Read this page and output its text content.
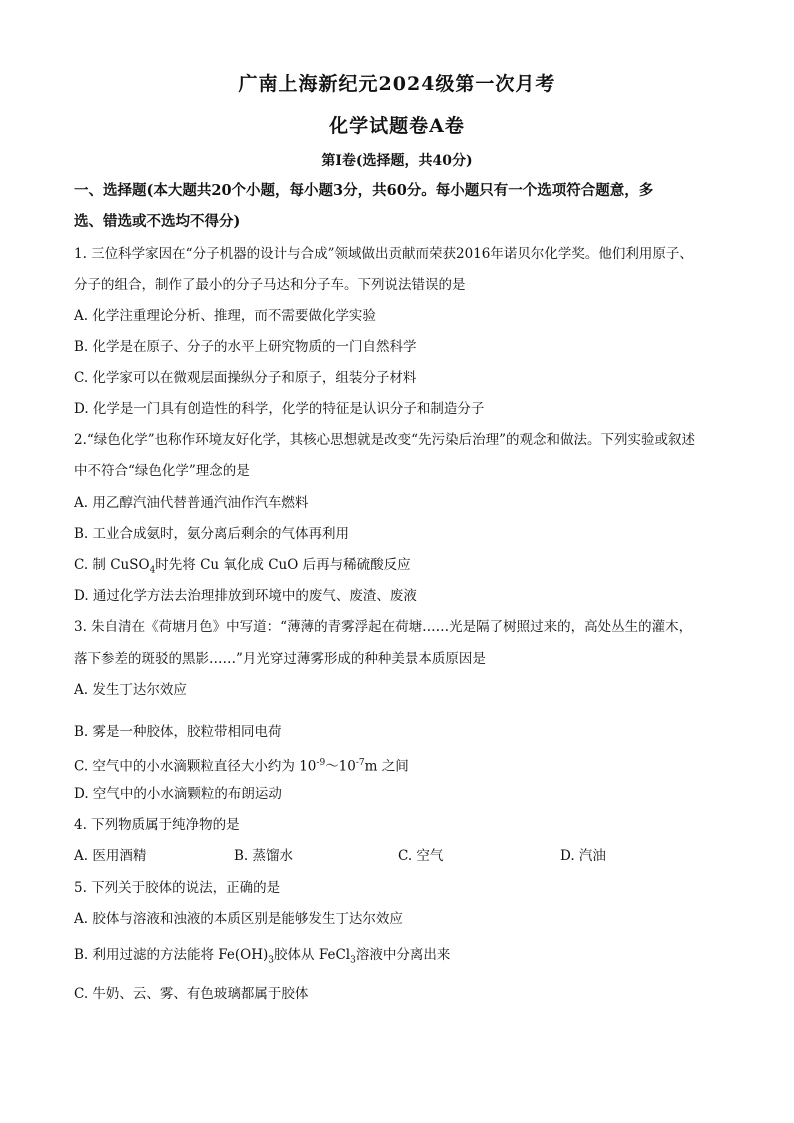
广南上海新纪元2024级第一次月考
化学试题卷A卷
第I卷(选择题，共40分)
一、选择题(本大题共20个小题，每小题3分，共60分。每小题只有一个选项符合题意，多
选、错选或不选均不得分)
1. 三位科学家因在“分子机器的设计与合成”领域做出贡献而荣获2016年诺贝尔化学奖。他们利用原子、
分子的组合，制作了最小的分子马达和分子车。下列说法错误的是
A. 化学注重理论分析、推理，而不需要做化学实验
B. 化学是在原子、分子的水平上研究物质的一门自然科学
C. 化学家可以在微观层面操纵分子和原子，组装分子材料
D. 化学是一门具有创造性的科学，化学的特征是认识分子和制造分子
2.“绿色化学”也称作环境友好化学，其核心思想就是改变“先污染后治理”的观念和做法。下列实验或叙述
中不符合“绿色化学”理念的是
A. 用乙醇汽油代替普通汽油作汽车燃料
B. 工业合成氨时，氨分离后剩余的气体再利用
C. 制 CuSO$_4$时先将 Cu 氧化成 CuO 后再与稀硫酸反应
D. 通过化学方法去治理排放到环境中的废气、废渣、废液
3. 朱自清在《荷塘月色》中写道：“薄薄的青雾浮起在荷塘……光是隔了树照过来的，高处丛生的灌木，
落下参差的斑驳的黑影……”月光穿过薄雾形成的种种美景本质原因是
A. 发生丁达尔效应
B. 雾是一种胶体，胶粒带相同电荷
C. 空气中的小水滴颗粒直径大小约为 $10^{-9}\sim 10^{-7}m$ 之间
D. 空气中的小水滴颗粒的布朗运动
4. 下列物质属于纯净物的是
A. 医用酒精	B. 蒸馏水	C. 空气	D. 汽油
5. 下列关于胶体的说法，正确的是
A. 胶体与溶液和浊液的本质区别是能够发生丁达尔效应
B. 利用过滤的方法能将 $Fe(OH)_3$胶体从 FeCl$_3$溶液中分离出来
C. 牛奶、云、雾、有色玻璃都属于胶体
